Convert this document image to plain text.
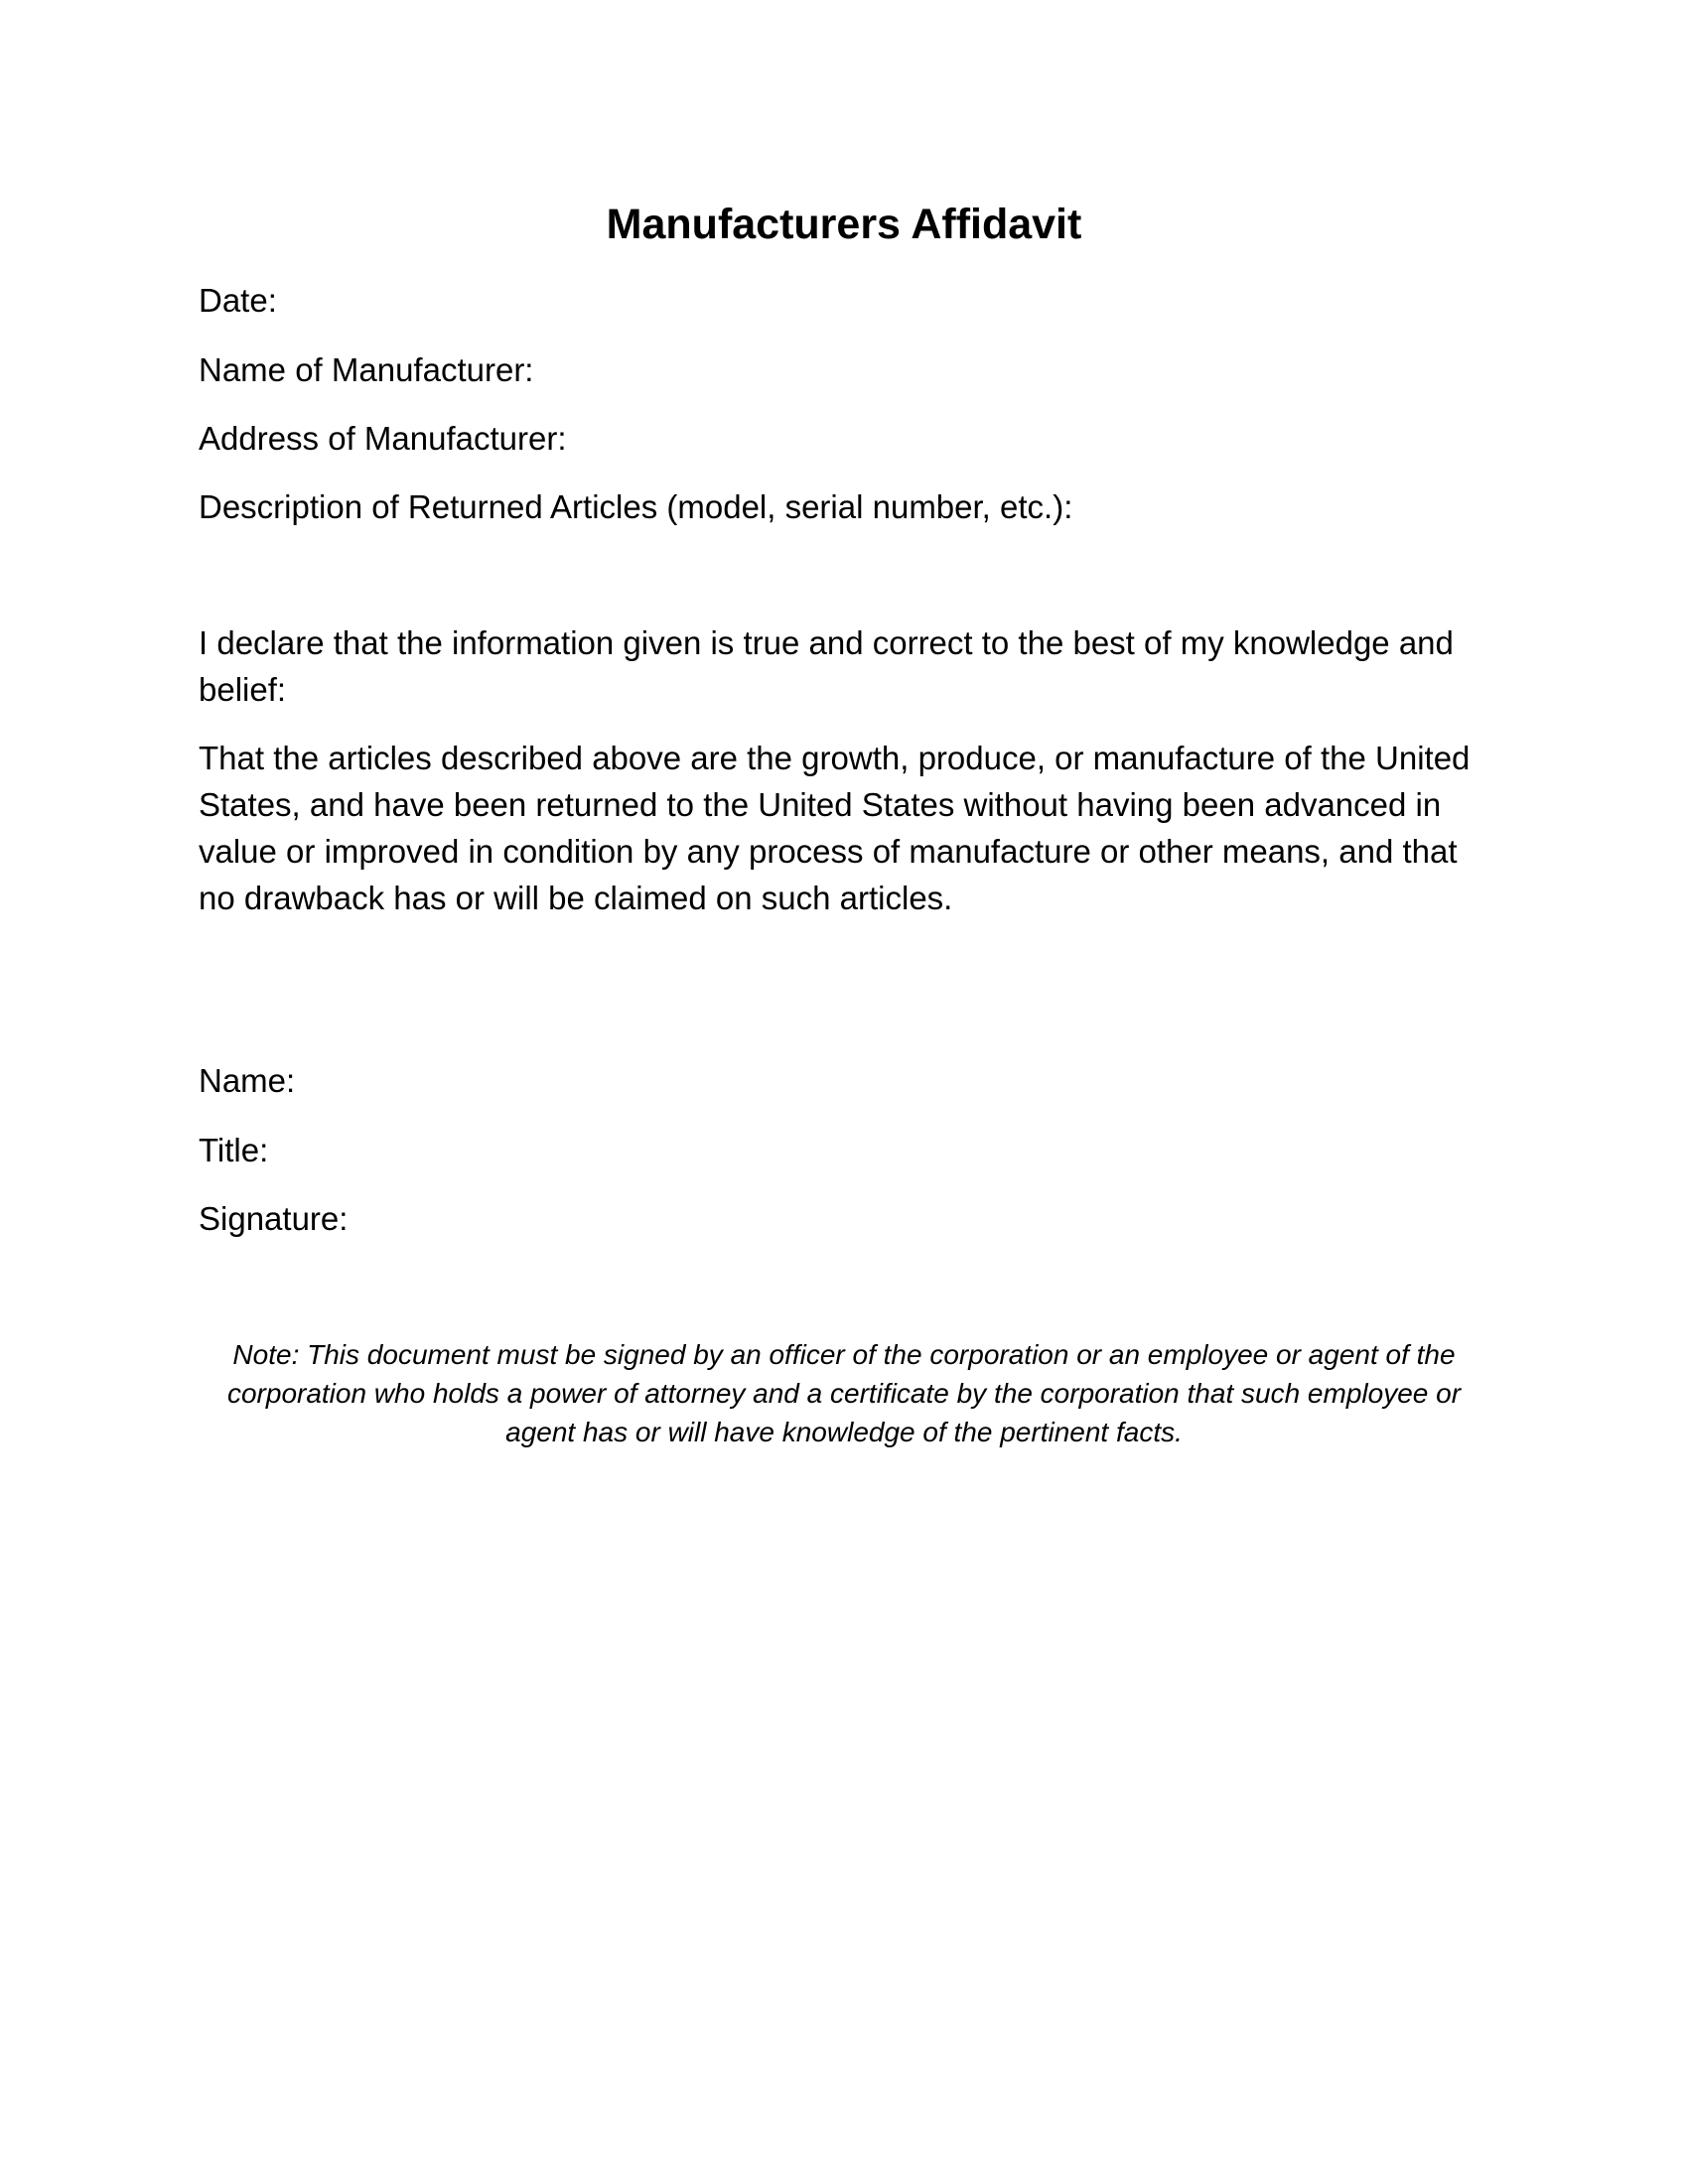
Manufacturers Affidavit

Date:

Name of Manufacturer:

Address of Manufacturer:

Description of Returned Articles (model, serial number, etc.):

I declare that the information given is true and correct to the best of my knowledge and belief:

That the articles described above are the growth, produce, or manufacture of the United States, and have been returned to the United States without having been advanced in value or improved in condition by any process of manufacture or other means, and that no drawback has or will be claimed on such articles.

Name:

Title:

Signature:

Note: This document must be signed by an officer of the corporation or an employee or agent of the corporation who holds a power of attorney and a certificate by the corporation that such employee or agent has or will have knowledge of the pertinent facts.
